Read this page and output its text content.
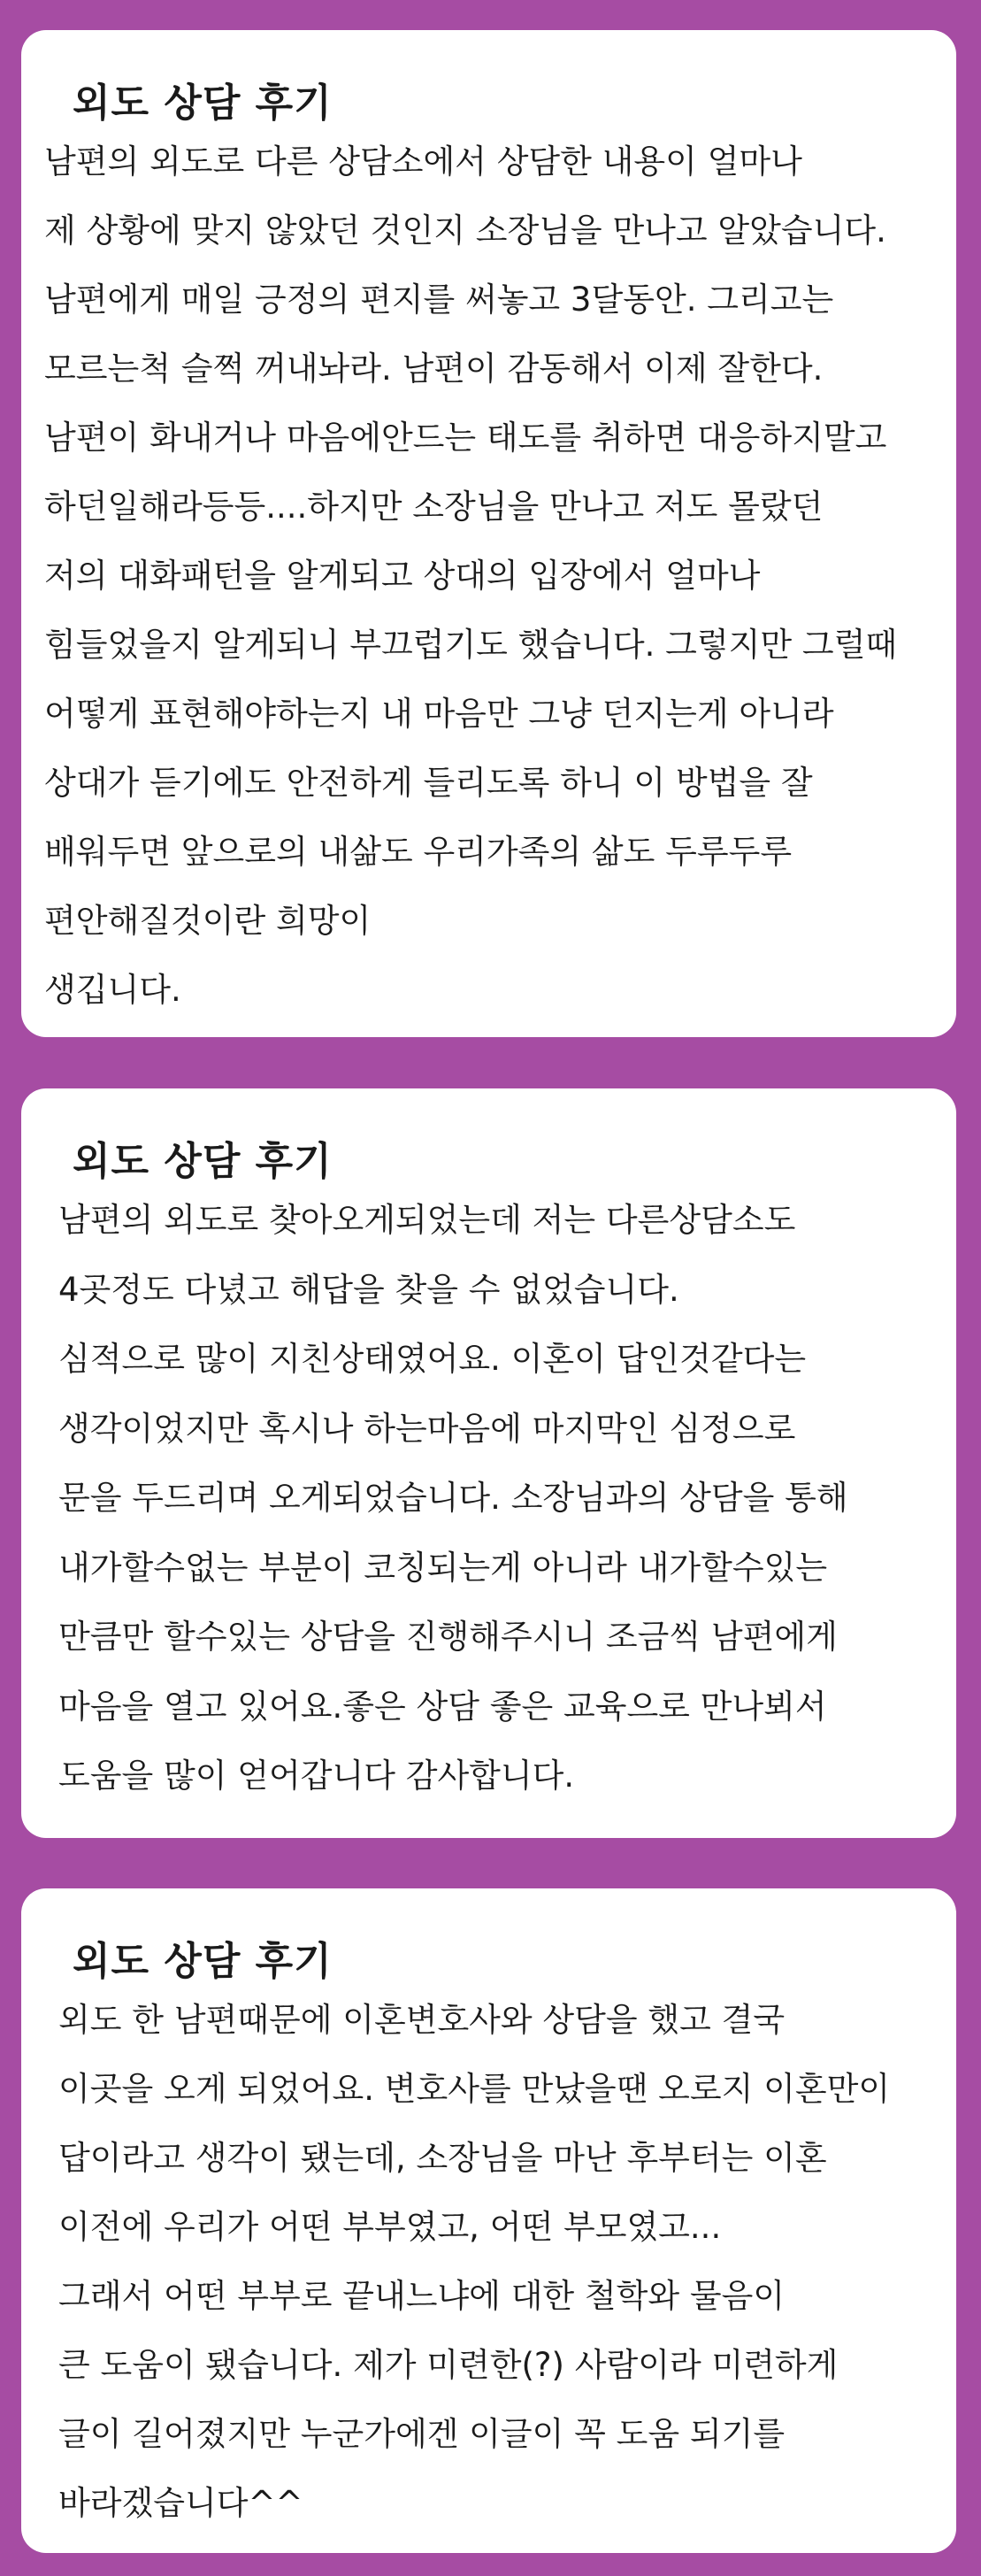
외도 상담 후기
남편의 외도로 다른 상담소에서 상담한 내용이 얼마나
제 상황에 맞지 않았던 것인지 소장님을 만나고 알았습니다.
남편에게 매일 긍정의 편지를 써놓고 3달동안. 그리고는
모르는척 슬쩍 꺼내놔라. 남편이 감동해서 이제 잘한다.
남편이 화내거나 마음에안드는 태도를 취하면 대응하지말고
하던일해라등등....하지만 소장님을 만나고 저도 몰랐던
저의 대화패턴을 알게되고 상대의 입장에서 얼마나
힘들었을지 알게되니 부끄럽기도 했습니다. 그렇지만 그럴때
어떻게 표현해야하는지 내 마음만 그냥 던지는게 아니라
상대가 듣기에도 안전하게 들리도록 하니 이 방법을 잘
배워두면 앞으로의 내삶도 우리가족의 삶도 두루두루
편안해질것이란 희망이
생깁니다.
외도 상담 후기
남편의 외도로 찾아오게되었는데 저는 다른상담소도
4곳정도 다녔고 해답을 찾을 수 없었습니다.
심적으로 많이 지친상태였어요. 이혼이 답인것같다는
생각이었지만 혹시나 하는마음에 마지막인 심정으로
문을 두드리며 오게되었습니다. 소장님과의 상담을 통해
내가할수없는 부분이 코칭되는게 아니라 내가할수있는
만큼만 할수있는 상담을 진행해주시니 조금씩 남편에게
마음을 열고 있어요.좋은 상담 좋은 교육으로 만나뵈서
도움을 많이 얻어갑니다 감사합니다.
외도 상담 후기
외도 한 남편때문에 이혼변호사와 상담을 했고 결국
이곳을 오게 되었어요. 변호사를 만났을땐 오로지 이혼만이
답이라고 생각이 됐는데, 소장님을 마난 후부터는 이혼
이전에 우리가 어떤 부부였고, 어떤 부모였고...
그래서 어떤 부부로 끝내느냐에 대한 철학와 물음이
큰 도움이 됐습니다. 제가 미련한(?) 사람이라 미련하게
글이 길어졌지만 누군가에겐 이글이 꼭 도움 되기를
바라겠습니다^^
